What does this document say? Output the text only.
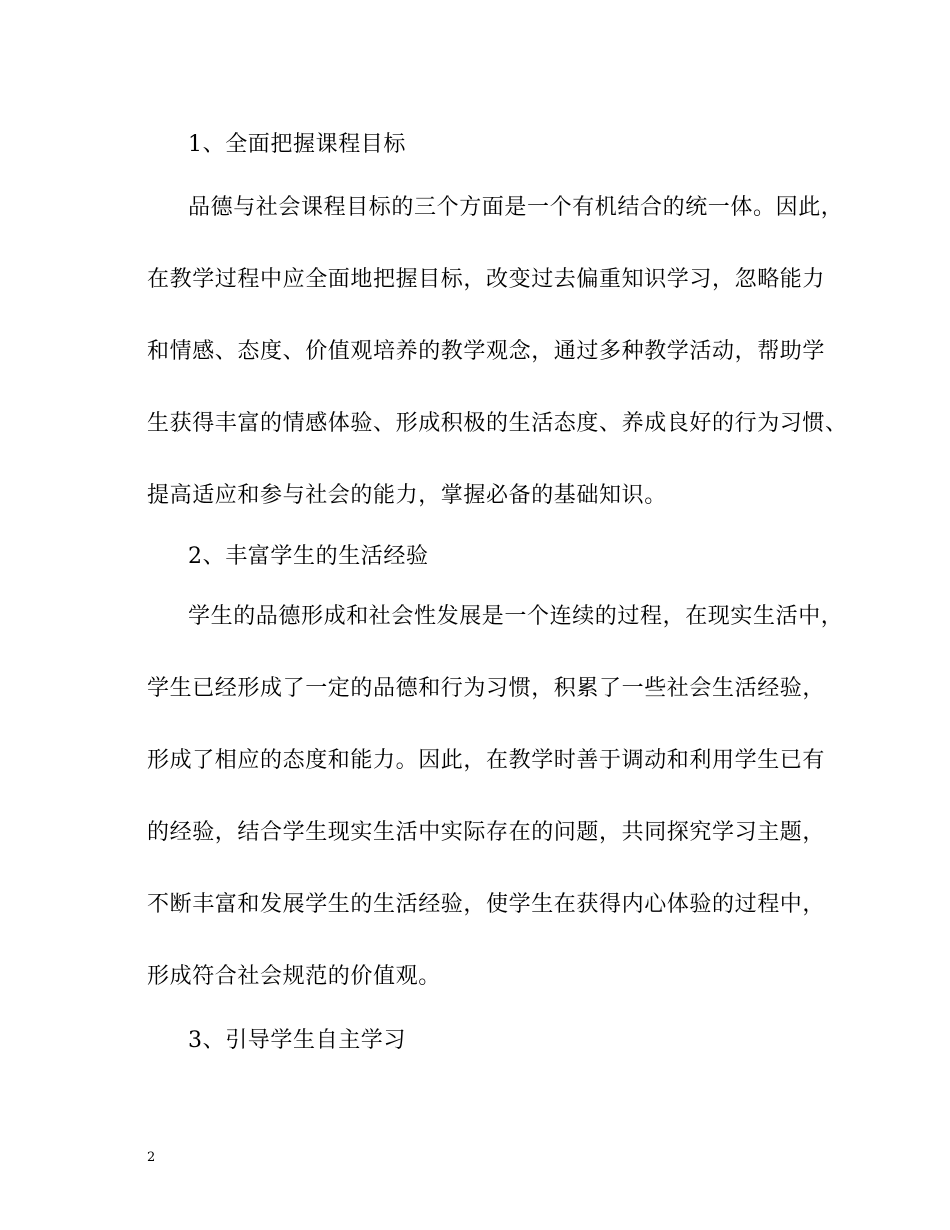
1、全面把握课程目标
品德与社会课程目标的三个方面是一个有机结合的统一体。因此，
在教学过程中应全面地把握目标，改变过去偏重知识学习，忽略能力
和情感、态度、价值观培养的教学观念，通过多种教学活动，帮助学
生获得丰富的情感体验、形成积极的生活态度、养成良好的行为习惯、
提高适应和参与社会的能力，掌握必备的基础知识。
2、丰富学生的生活经验
学生的品德形成和社会性发展是一个连续的过程，在现实生活中，
学生已经形成了一定的品德和行为习惯，积累了一些社会生活经验，
形成了相应的态度和能力。因此，在教学时善于调动和利用学生已有
的经验，结合学生现实生活中实际存在的问题，共同探究学习主题，
不断丰富和发展学生的生活经验，使学生在获得内心体验的过程中，
形成符合社会规范的价值观。
3、引导学生自主学习
2
